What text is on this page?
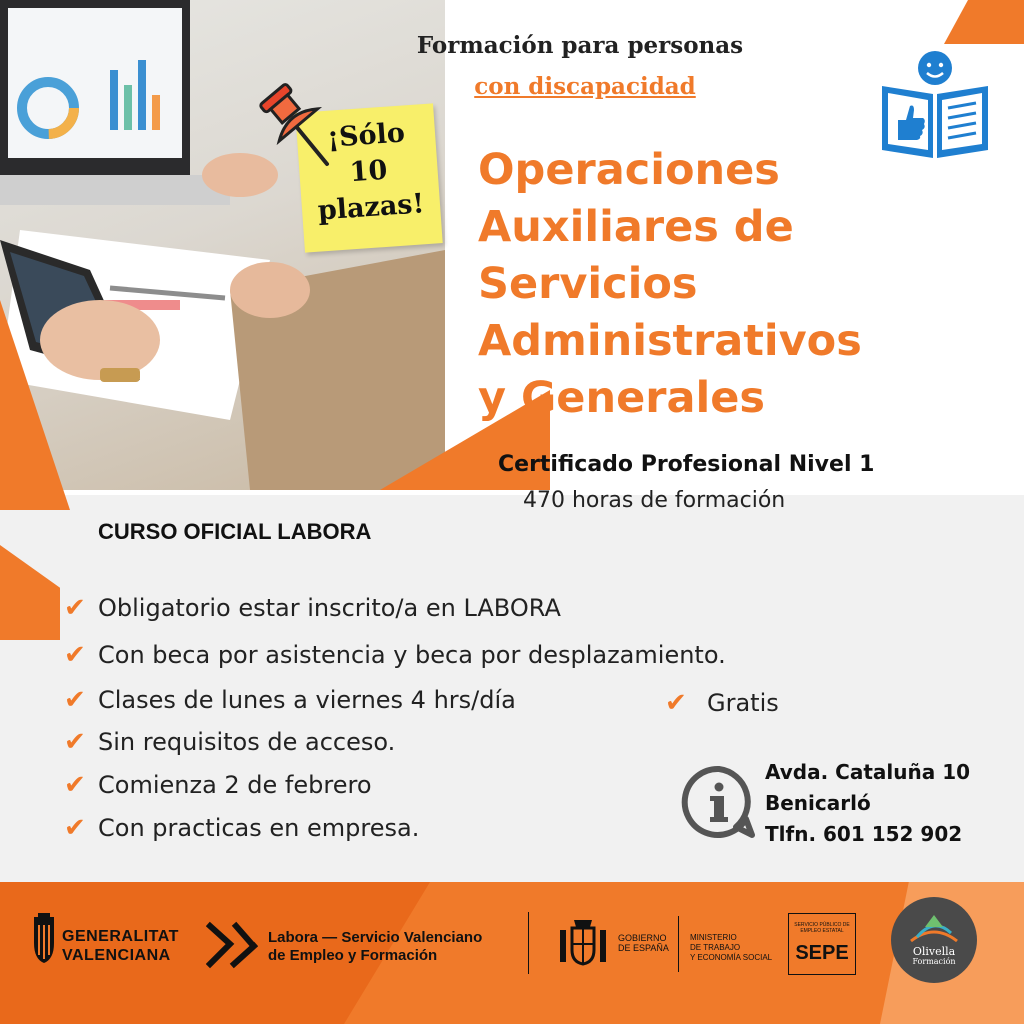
¡Sólo
10
plazas!
Formación para personas
con discapacidad
Operaciones
Auxiliares de
Servicios
Administrativos
y Generales
Certificado Profesional Nivel 1
470 horas de formación
CURSO OFICIAL LABORA
✔ Obligatorio estar inscrito/a en LABORA
✔ Con beca por asistencia y beca por desplazamiento.
✔ Clases de lunes a viernes 4 hrs/día
✔ Sin requisitos de acceso.
✔ Comienza 2 de febrero
✔ Con practicas en empresa.
✔ Gratis
Avda. Cataluña 10
Benicarló
Tlfn. 601 152 902
GENERALITAT
VALENCIANA
Labora — Servicio Valenciano
de Empleo y Formación
GOBIERNO
DE ESPAÑA
MINISTERIO
DE TRABAJO
Y ECONOMÍA SOCIAL
SERVICIO PÚBLICO DE EMPLEO ESTATAL
SEPE	Olivella
Formación
